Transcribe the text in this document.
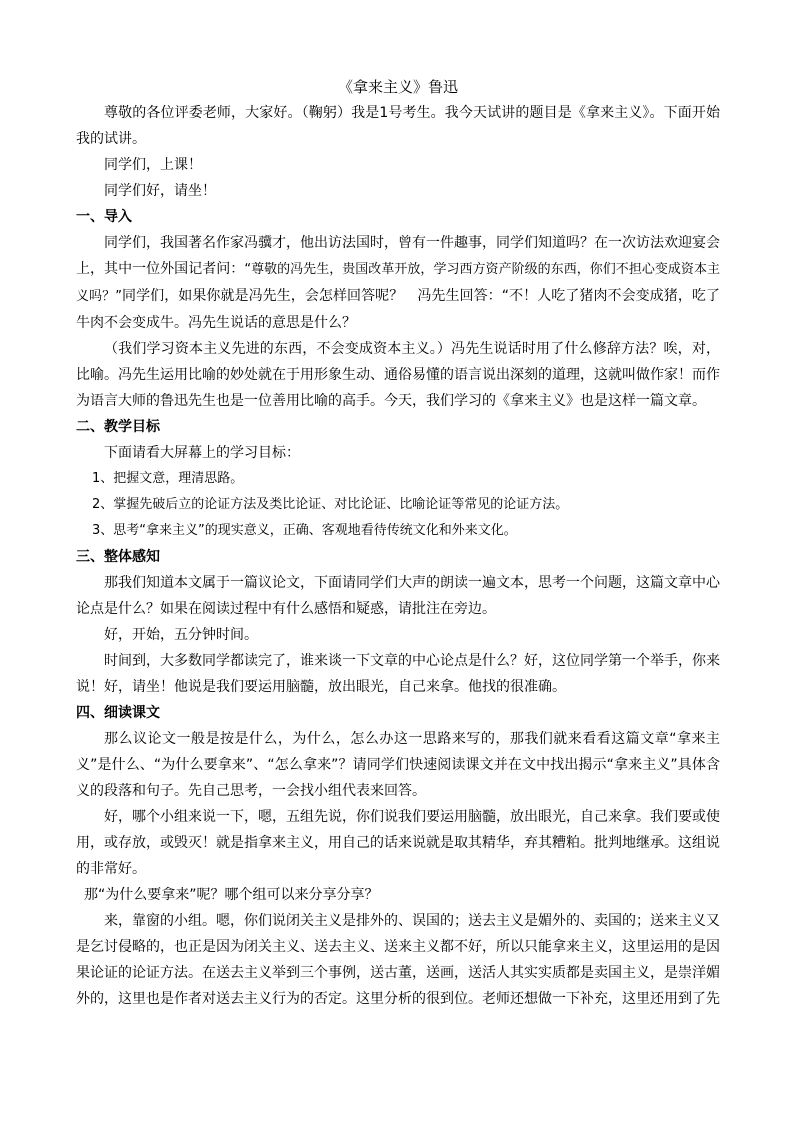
《拿来主义》鲁迅

尊敬的各位评委老师，大家好。（鞠躬）我是1号考生。我今天试讲的题目是《拿来主义》。下面开始我的试讲。

同学们，上课！

同学们好，请坐！

一、导入

同学们，我国著名作家冯骥才，他出访法国时，曾有一件趣事，同学们知道吗？在一次访法欢迎宴会上，其中一位外国记者问：“尊敬的冯先生，贵国改革开放，学习西方资产阶级的东西，你们不担心变成资本主义吗？”同学们，如果你就是冯先生，会怎样回答呢？　冯先生回答：“不！人吃了猪肉不会变成猪，吃了牛肉不会变成牛。冯先生说话的意思是什么？

（我们学习资本主义先进的东西，不会变成资本主义。）冯先生说话时用了什么修辞方法？唉，对，比喻。冯先生运用比喻的妙处就在于用形象生动、通俗易懂的语言说出深刻的道理，这就叫做作家！而作为语言大师的鲁迅先生也是一位善用比喻的高手。今天，我们学习的《拿来主义》也是这样一篇文章。

二、教学目标

下面请看大屏幕上的学习目标：

1、把握文意，理清思路。

2、掌握先破后立的论证方法及类比论证、对比论证、比喻论证等常见的论证方法。

3、思考“拿来主义”的现实意义，正确、客观地看待传统文化和外来文化。

三、整体感知

那我们知道本文属于一篇议论文，下面请同学们大声的朗读一遍文本，思考一个问题，这篇文章中心论点是什么？如果在阅读过程中有什么感悟和疑惑，请批注在旁边。

好，开始，五分钟时间。

时间到，大多数同学都读完了，谁来谈一下文章的中心论点是什么？好，这位同学第一个举手，你来说！好，请坐！他说是我们要运用脑髓，放出眼光，自己来拿。他找的很准确。

四、细读课文

那么议论文一般是按是什么，为什么，怎么办这一思路来写的，那我们就来看看这篇文章“拿来主义”是什么、“为什么要拿来”、“怎么拿来”？请同学们快速阅读课文并在文中找出揭示“拿来主义”具体含义的段落和句子。先自己思考，一会找小组代表来回答。

好，哪个小组来说一下，嗯，五组先说，你们说我们要运用脑髓，放出眼光，自己来拿。我们要或使用，或存放，或毁灭！就是指拿来主义，用自己的话来说就是取其精华，弃其糟粕。批判地继承。这组说的非常好。

那“为什么要拿来”呢？哪个组可以来分享分享？

来，靠窗的小组。嗯，你们说闭关主义是排外的、误国的；送去主义是媚外的、卖国的；送来主义又是乞讨侵略的，也正是因为闭关主义、送去主义、送来主义都不好，所以只能拿来主义，这里运用的是因果论证的论证方法。在送去主义举到三个事例，送古董，送画，送活人其实实质都是卖国主义，是崇洋媚外的，这里也是作者对送去主义行为的否定。这里分析的很到位。老师还想做一下补充，这里还用到了先
